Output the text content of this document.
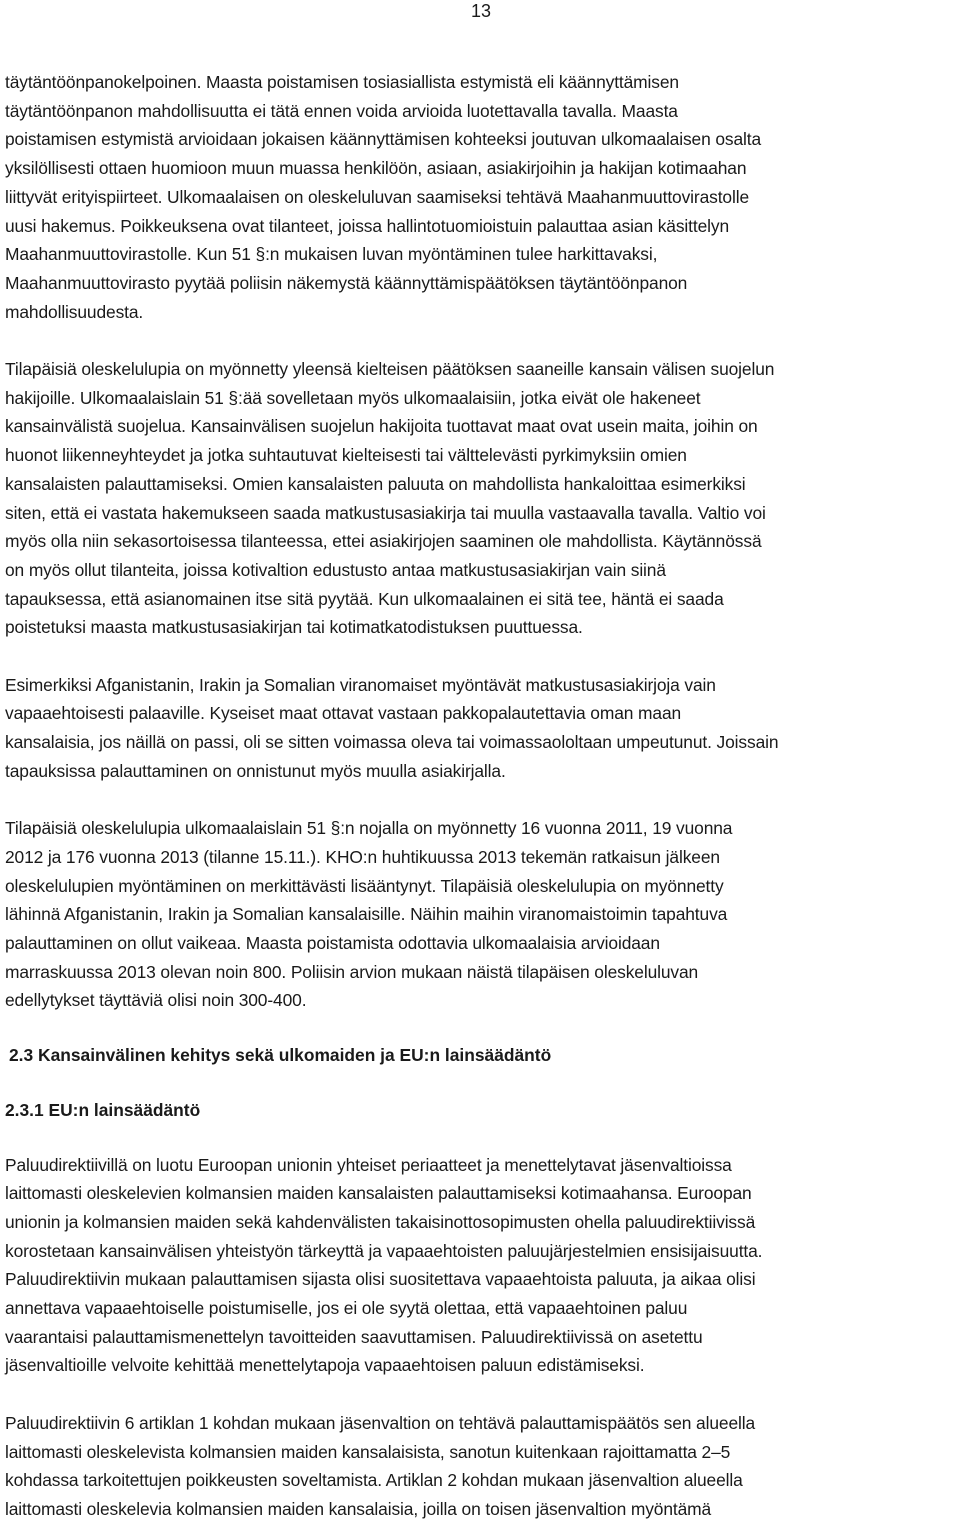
13

täytäntöönpanokelpoinen. Maasta poistamisen tosiasiallista estymistä eli käännyttämisen
täytäntöönpanon mahdollisuutta ei tätä ennen voida arvioida luotettavalla tavalla. Maasta
poistamisen estymistä arvioidaan jokaisen käännyttämisen kohteeksi joutuvan ulkomaalaisen osalta
yksilöllisesti ottaen huomioon muun muassa henkilöön, asiaan, asiakirjoihin ja hakijan kotimaahan
liittyvät erityispiirteet. Ulkomaalaisen on oleskeluluvan saamiseksi tehtävä Maahanmuuttovirastolle
uusi hakemus. Poikkeuksena ovat tilanteet, joissa hallintotuomioistuin palauttaa asian käsittelyn
Maahanmuuttovirastolle. Kun 51 §:n mukaisen luvan myöntäminen tulee harkittavaksi,
Maahanmuuttovirasto pyytää poliisin näkemystä käännyttämispäätöksen täytäntöönpanon
mahdollisuudesta.

Tilapäisiä oleskelulupia on myönnetty yleensä kielteisen päätöksen saaneille kansain välisen suojelun
hakijoille. Ulkomaalaislain 51 §:ää sovelletaan myös ulkomaalaisiin, jotka eivät ole hakeneet
kansainvälistä suojelua. Kansainvälisen suojelun hakijoita tuottavat maat ovat usein maita, joihin on
huonot liikenneyhteydet ja jotka suhtautuvat kielteisesti tai välttelevästi pyrkimyksiin omien
kansalaisten palauttamiseksi. Omien kansalaisten paluuta on mahdollista hankaloittaa esimerkiksi
siten, että ei vastata hakemukseen saada matkustusasiakirja tai muulla vastaavalla tavalla. Valtio voi
myös olla niin sekasortoisessa tilanteessa, ettei asiakirjojen saaminen ole mahdollista. Käytännössä
on myös ollut tilanteita, joissa kotivaltion edustusto antaa matkustusasiakirjan vain siinä
tapauksessa, että asianomainen itse sitä pyytää. Kun ulkomaalainen ei sitä tee, häntä ei saada
poistetuksi maasta matkustusasiakirjan tai kotimatkatodistuksen puuttuessa.

Esimerkiksi Afganistanin, Irakin ja Somalian viranomaiset myöntävät matkustusasiakirjoja vain
vapaaehtoisesti palaaville. Kyseiset maat ottavat vastaan pakkopalautettavia oman maan
kansalaisia, jos näillä on passi, oli se sitten voimassa oleva tai voimassaololtaan umpeutunut. Joissain
tapauksissa palauttaminen on onnistunut myös muulla asiakirjalla.

Tilapäisiä oleskelulupia ulkomaalaislain 51 §:n nojalla on myönnetty 16 vuonna 2011, 19 vuonna
2012 ja 176 vuonna 2013 (tilanne 15.11.). KHO:n huhtikuussa 2013 tekemän ratkaisun jälkeen
oleskelulupien myöntäminen on merkittävästi lisääntynyt. Tilapäisiä oleskelulupia on myönnetty
lähinnä Afganistanin, Irakin ja Somalian kansalaisille. Näihin maihin viranomaistoimin tapahtuva
palauttaminen on ollut vaikeaa. Maasta poistamista odottavia ulkomaalaisia arvioidaan
marraskuussa 2013 olevan noin 800. Poliisin arvion mukaan näistä tilapäisen oleskeluluvan
edellytykset täyttäviä olisi noin 300-400.

2.3 Kansainvälinen kehitys sekä ulkomaiden ja EU:n lainsäädäntö
2.3.1 EU:n lainsäädäntö

Paluudirektiivillä on luotu Euroopan unionin yhteiset periaatteet ja menettelytavat jäsenvaltioissa
laittomasti oleskelevien kolmansien maiden kansalaisten palauttamiseksi kotimaahansa. Euroopan
unionin ja kolmansien maiden sekä kahdenvälisten takaisinottosopimusten ohella paluudirektiivissä
korostetaan kansainvälisen yhteistyön tärkeyttä ja vapaaehtoisten paluujärjestelmien ensisijaisuutta.
Paluudirektiivin mukaan palauttamisen sijasta olisi suositettava vapaaehtoista paluuta, ja aikaa olisi
annettava vapaaehtoiselle poistumiselle, jos ei ole syytä olettaa, että vapaaehtoinen paluu
vaarantaisi palauttamismenettelyn tavoitteiden saavuttamisen. Paluudirektiivissä on asetettu
jäsenvaltioille velvoite kehittää menettelytapoja vapaaehtoisen paluun edistämiseksi.

Paluudirektiivin 6 artiklan 1 kohdan mukaan jäsenvaltion on tehtävä palauttamispäätös sen alueella
laittomasti oleskelevista kolmansien maiden kansalaisista, sanotun kuitenkaan rajoittamatta 2–5
kohdassa tarkoitettujen poikkeusten soveltamista. Artiklan 2 kohdan mukaan jäsenvaltion alueella
laittomasti oleskelevia kolmansien maiden kansalaisia, joilla on toisen jäsenvaltion myöntämä
